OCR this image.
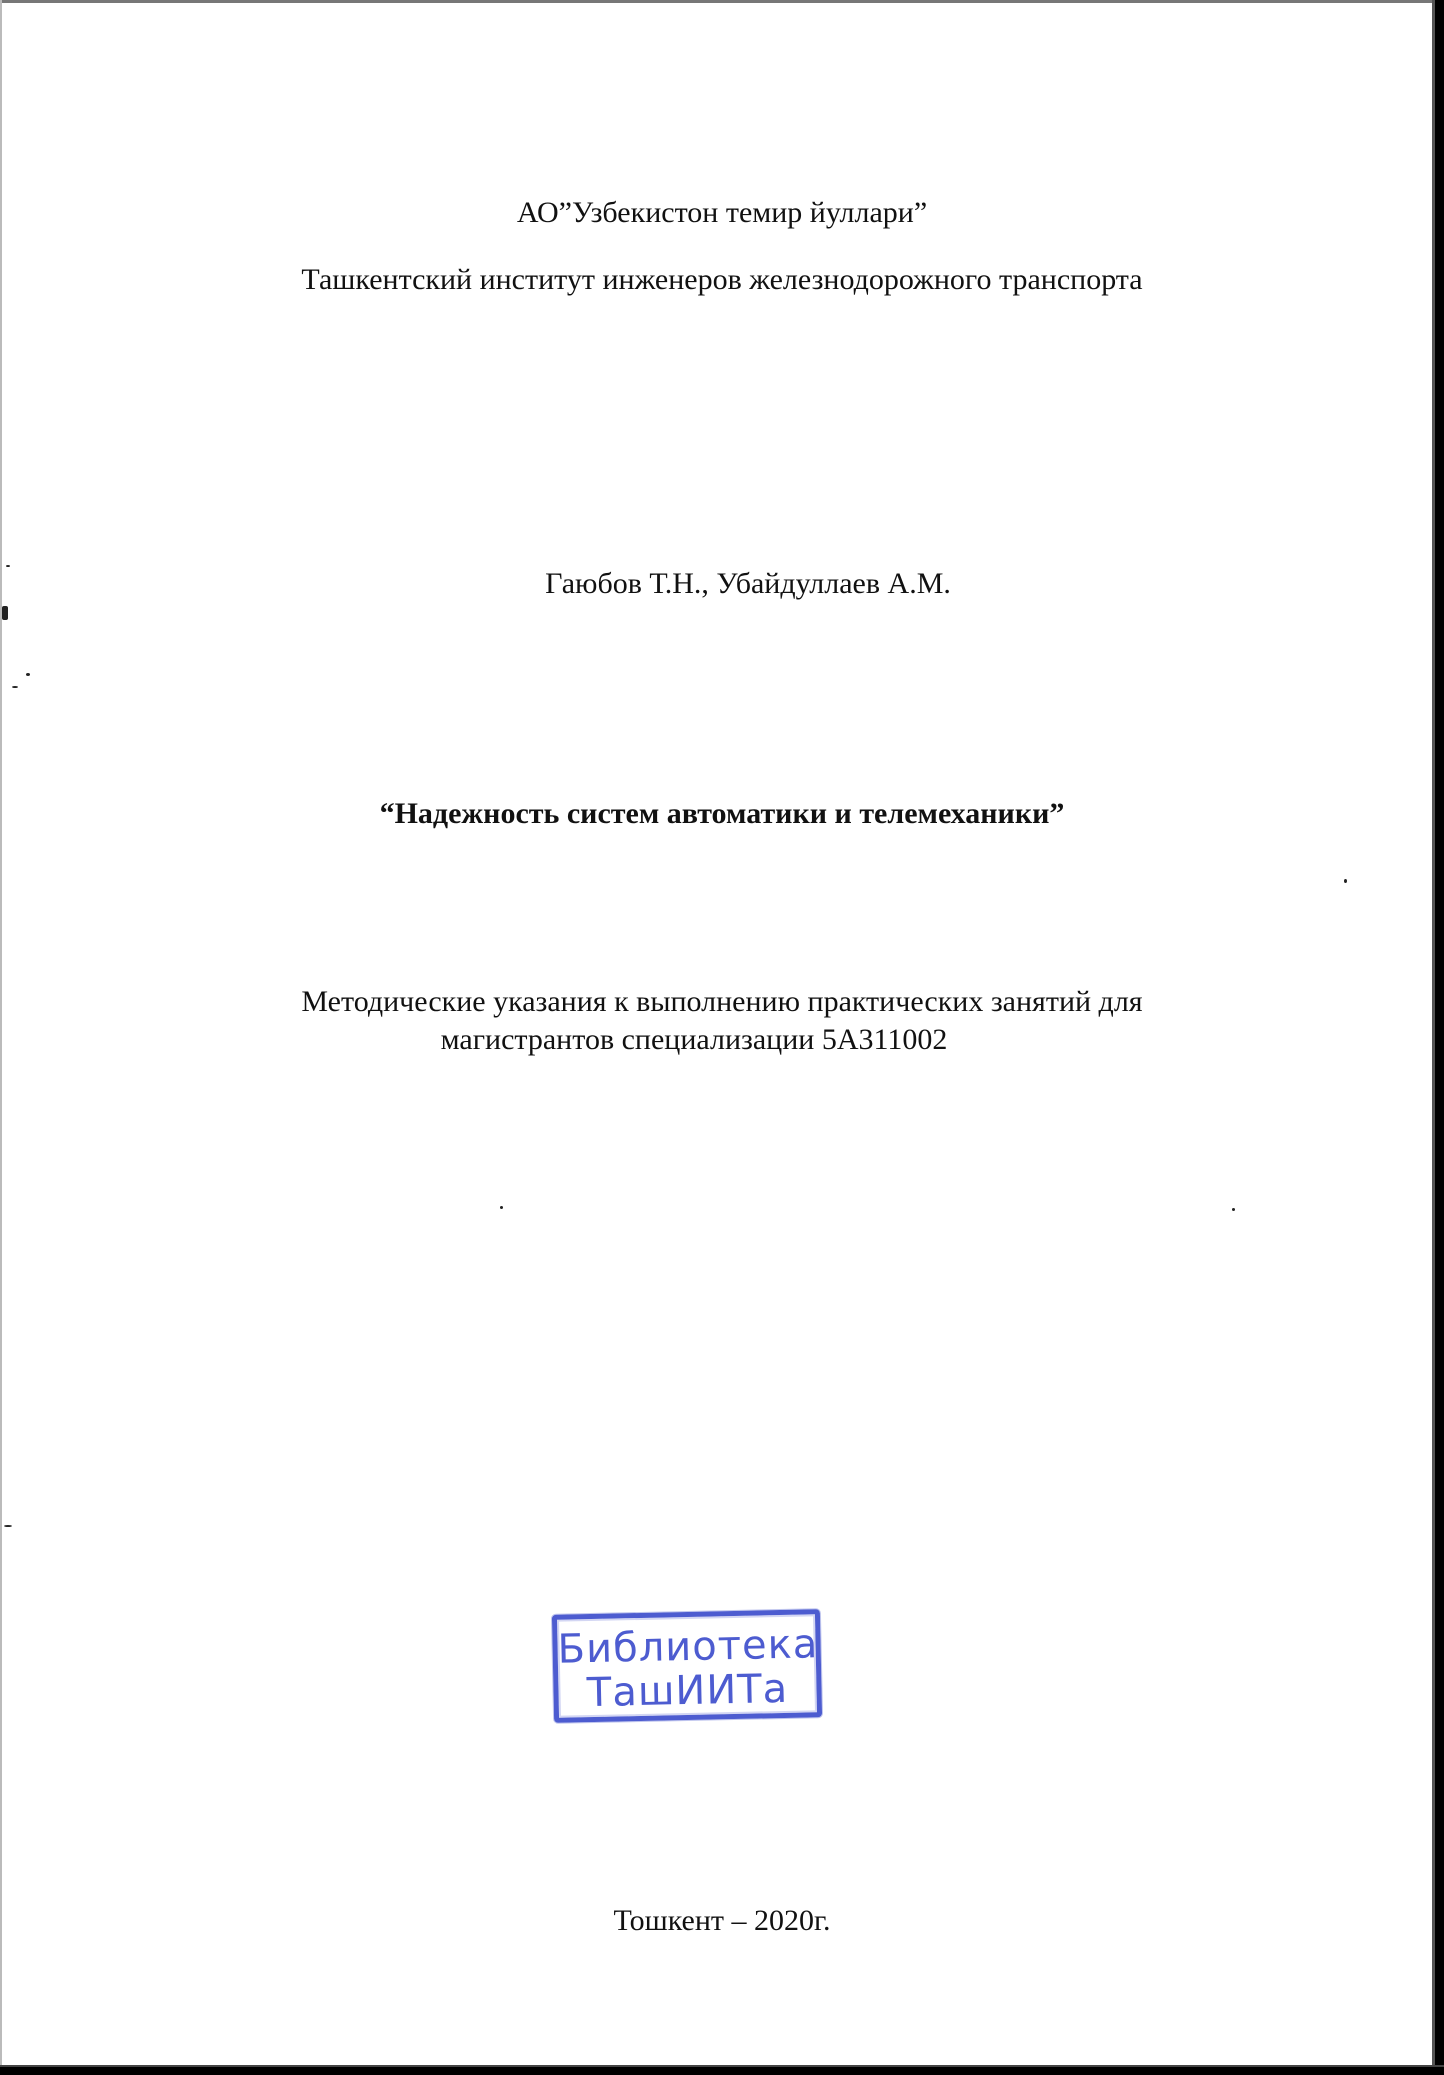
АО”Узбекистон темир йуллари”
Ташкентский институт инженеров железнодорожного транспорта
Гаюбов Т.Н., Убайдуллаев А.М.
“Надежность систем автоматики и телемеханики”
Методические указания к выполнению практических занятий для
магистрантов специализации 5А311002
Библиотека
ТашИИТа
Тошкент – 2020г.
